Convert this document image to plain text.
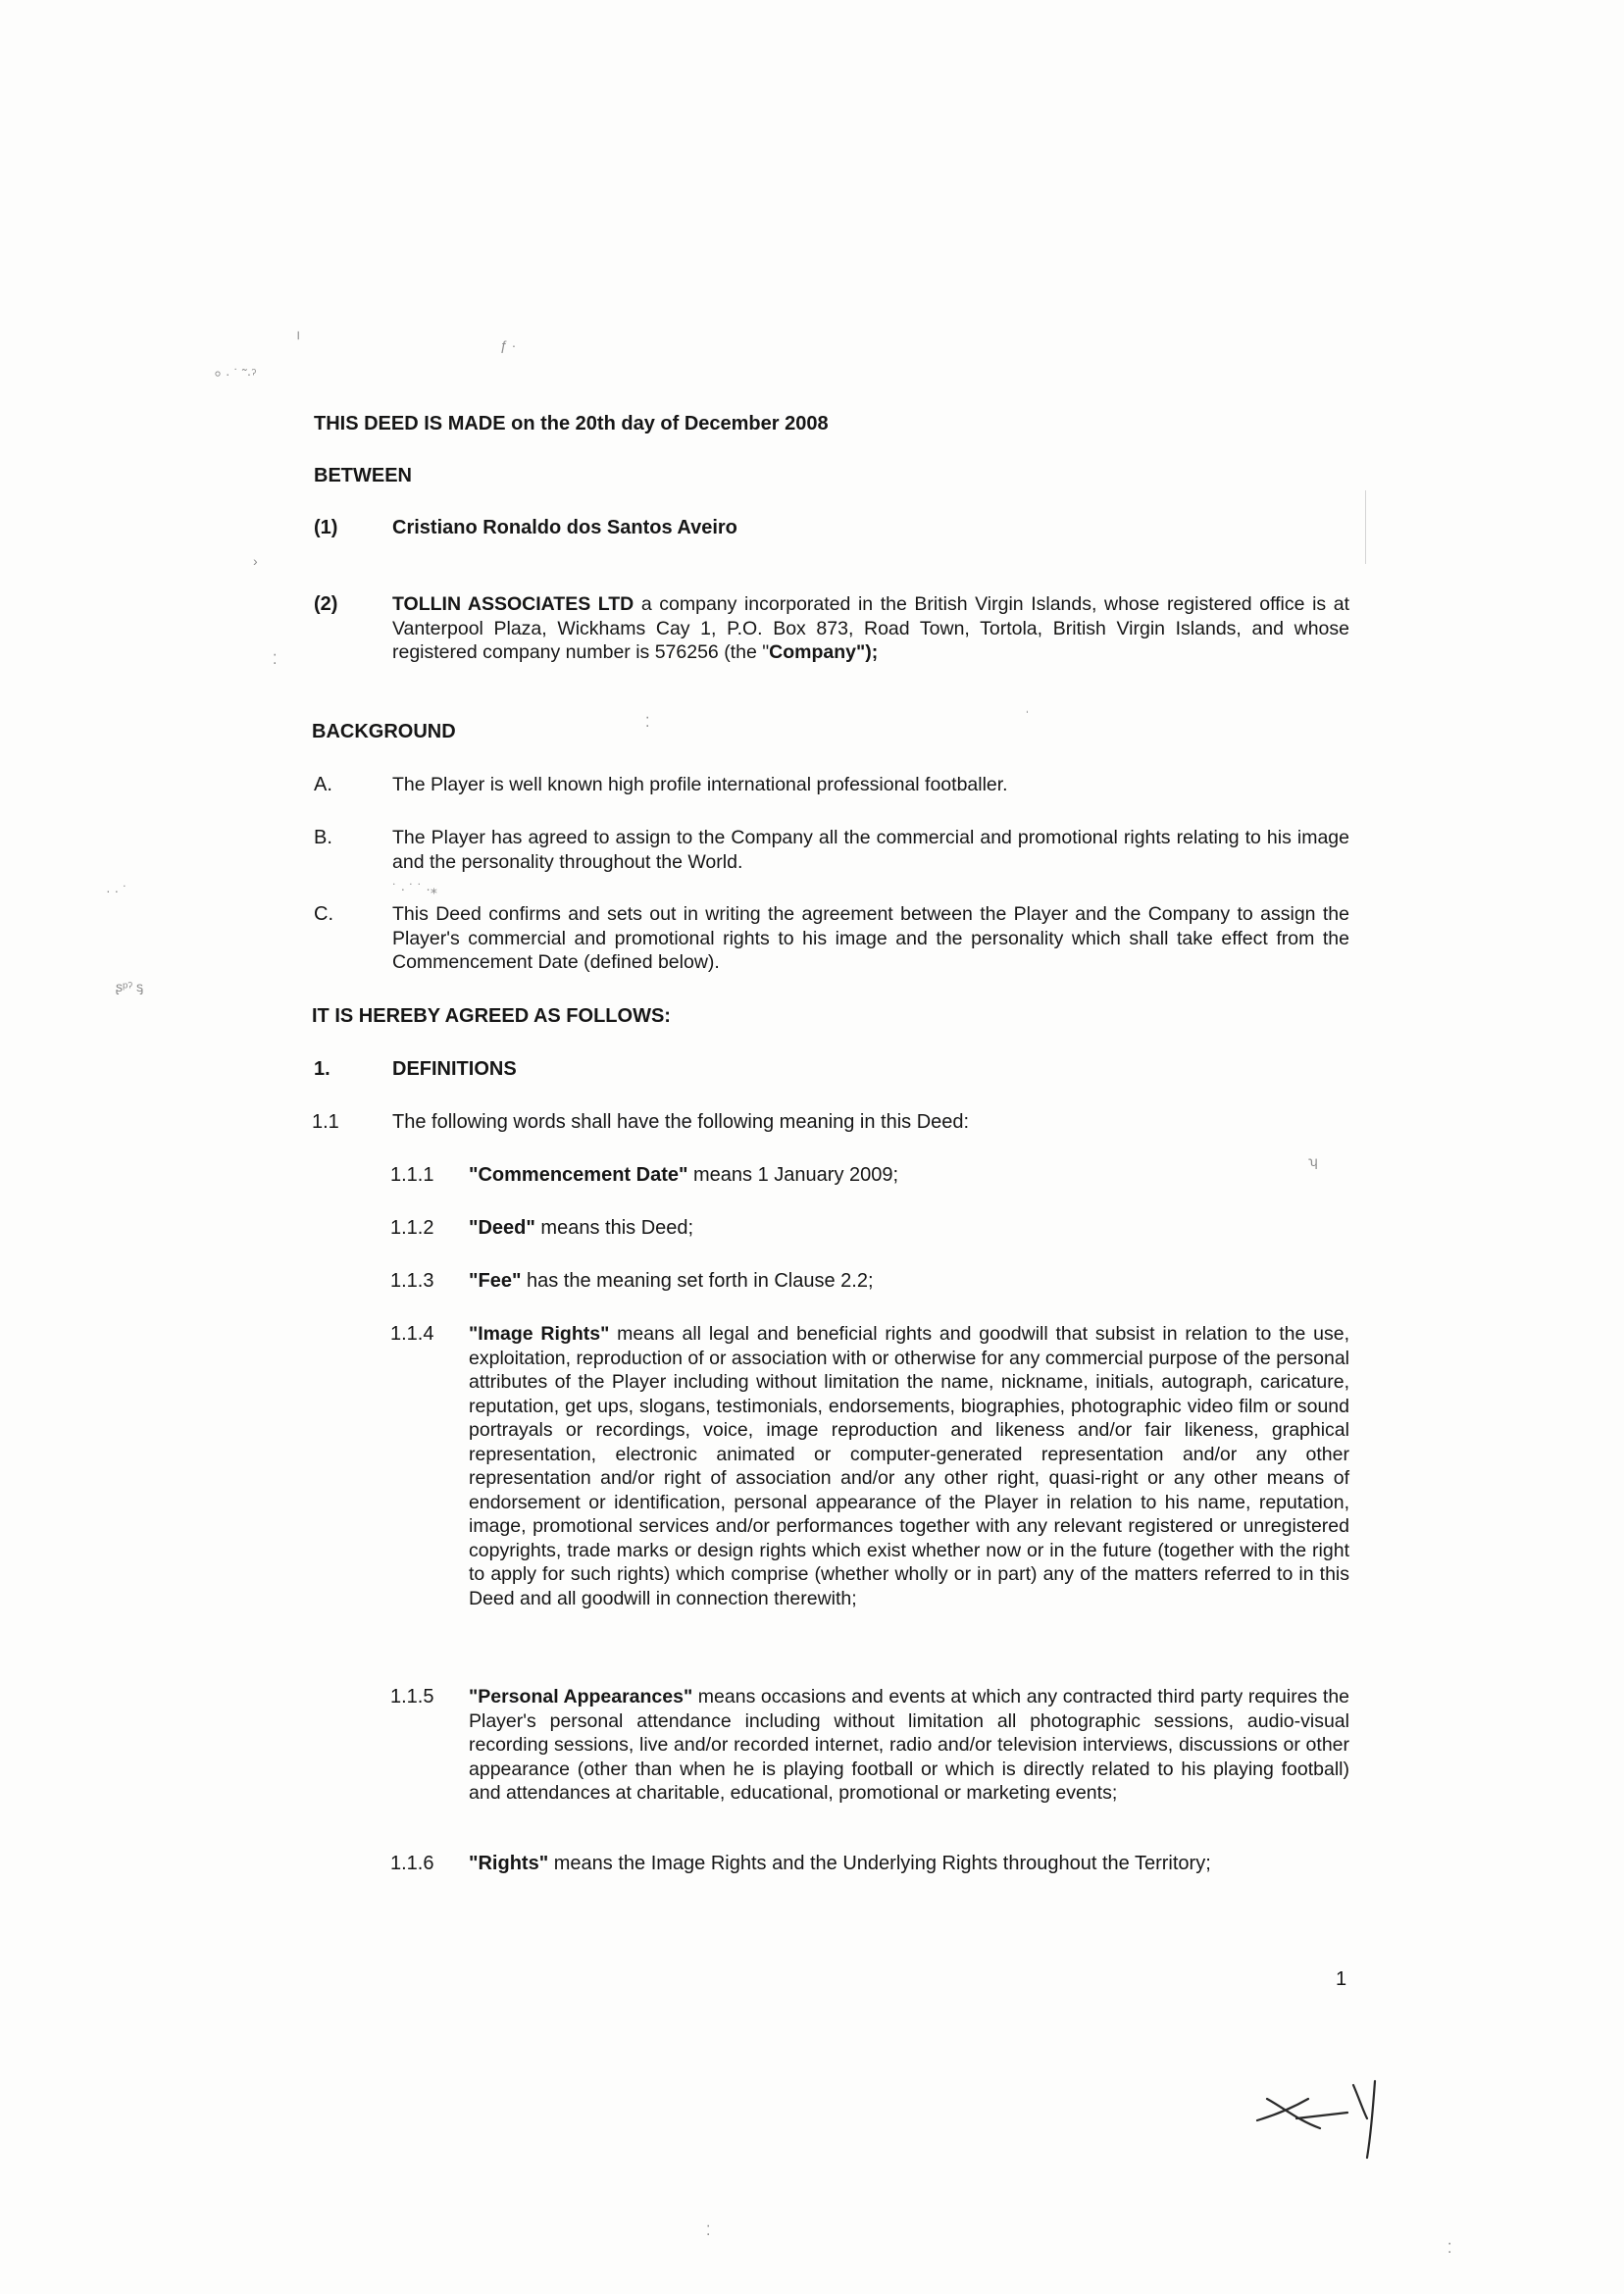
╵	ƒ ·
⸰ · ˙ ˜·ˀ
›
⁚
⁚	ˈ
· · ˙	˙ · ˙ ˙ ·⁎
ʂᵖˀ ᶊ
ʮ
⁚
⁚
THIS DEED IS MADE on the 20th day of December 2008
BETWEEN
(1)	Cristiano Ronaldo dos Santos Aveiro
(2)	TOLLIN ASSOCIATES LTD a company incorporated in the British Virgin Islands, whose registered office is at Vanterpool Plaza, Wickhams Cay 1, P.O. Box 873, Road Town, Tortola, British Virgin Islands, and whose registered company number is 576256 (the "Company");
BACKGROUND
A.	The Player is well known high profile international professional footballer.
B.	The Player has agreed to assign to the Company all the commercial and promotional rights relating to his image and the personality throughout the World.
C.	This Deed confirms and sets out in writing the agreement between the Player and the Company to assign the Player's commercial and promotional rights to his image and the personality which shall take effect from the Commencement Date (defined below).
IT IS HEREBY AGREED AS FOLLOWS:
1.	DEFINITIONS
1.1	The following words shall have the following meaning in this Deed:
1.1.1 "Commencement Date" means 1 January 2009;
1.1.2 "Deed" means this Deed;
1.1.3 "Fee" has the meaning set forth in Clause 2.2;
1.1.4 "Image Rights" means all legal and beneficial rights and goodwill that subsist in relation to the use, exploitation, reproduction of or association with or otherwise for any commercial purpose of the personal attributes of the Player including without limitation the name, nickname, initials, autograph, caricature, reputation, get ups, slogans, testimonials, endorsements, biographies, photographic video film or sound portrayals or recordings, voice, image reproduction and likeness and/or fair likeness, graphical representation, electronic animated or computer-generated representation and/or any other representation and/or right of association and/or any other right, quasi-right or any other means of endorsement or identification, personal appearance of the Player in relation to his name, reputation, image, promotional services and/or performances together with any relevant registered or unregistered copyrights, trade marks or design rights which exist whether now or in the future (together with the right to apply for such rights) which comprise (whether wholly or in part) any of the matters referred to in this Deed and all goodwill in connection therewith;
1.1.5 "Personal Appearances" means occasions and events at which any contracted third party requires the Player's personal attendance including without limitation all photographic sessions, audio-visual recording sessions, live and/or recorded internet, radio and/or television interviews, discussions or other appearance (other than when he is playing football or which is directly related to his playing football) and attendances at charitable, educational, promotional or marketing events;
1.1.6 "Rights" means the Image Rights and the Underlying Rights throughout the Territory;
1
